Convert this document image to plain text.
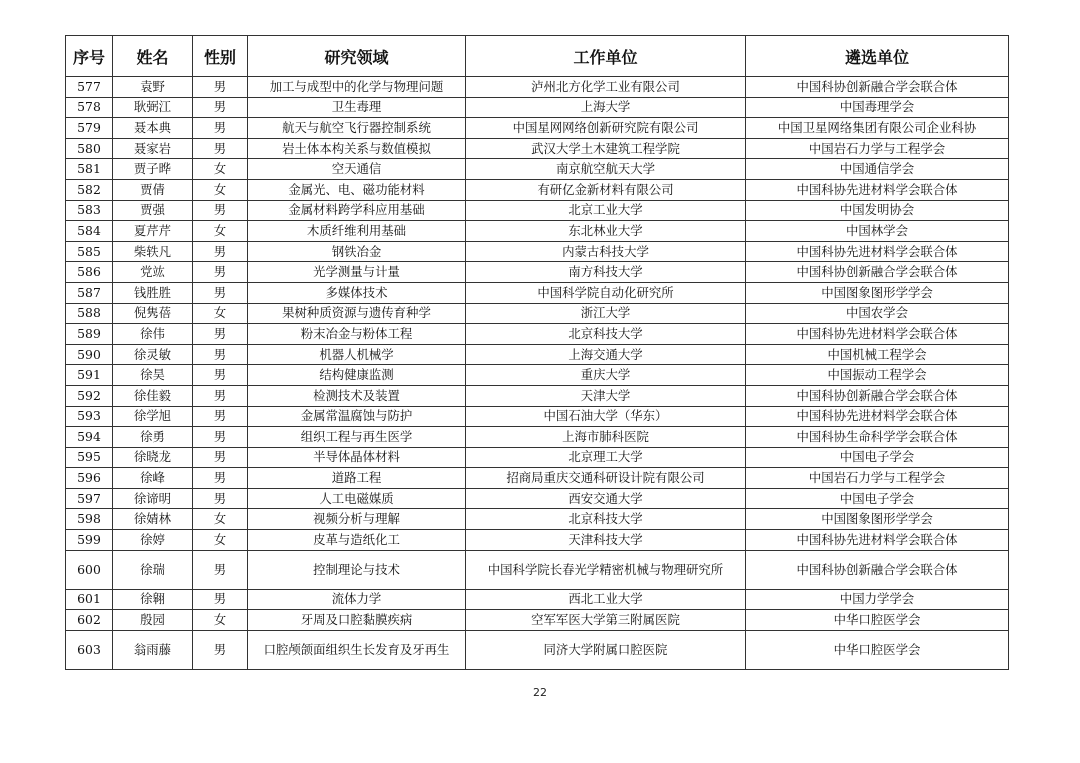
序号	姓名	性别	研究领域	工作单位	遴选单位
577	袁野	男	加工与成型中的化学与物理问题	泸州北方化学工业有限公司	中国科协创新融合学会联合体
578	耿弼江	男	卫生毒理	上海大学	中国毒理学会
579	聂本典	男	航天与航空飞行器控制系统	中国星网网络创新研究院有限公司	中国卫星网络集团有限公司企业科协
580	聂家岩	男	岩土体本构关系与数值模拟	武汉大学土木建筑工程学院	中国岩石力学与工程学会
581	贾子晔	女	空天通信	南京航空航天大学	中国通信学会
582	贾倩	女	金属光、电、磁功能材料	有研亿金新材料有限公司	中国科协先进材料学会联合体
583	贾强	男	金属材料跨学科应用基础	北京工业大学	中国发明协会
584	夏芹芹	女	木质纤维利用基础	东北林业大学	中国林学会
585	柴轶凡	男	钢铁冶金	内蒙古科技大学	中国科协先进材料学会联合体
586	党竑	男	光学测量与计量	南方科技大学	中国科协创新融合学会联合体
587	钱胜胜	男	多媒体技术	中国科学院自动化研究所	中国图象图形学学会
588	倪隽蓓	女	果树种质资源与遗传育种学	浙江大学	中国农学会
589	徐伟	男	粉末冶金与粉体工程	北京科技大学	中国科协先进材料学会联合体
590	徐灵敏	男	机器人机械学	上海交通大学	中国机械工程学会
591	徐昊	男	结构健康监测	重庆大学	中国振动工程学会
592	徐佳毅	男	检测技术及装置	天津大学	中国科协创新融合学会联合体
593	徐学旭	男	金属常温腐蚀与防护	中国石油大学（华东）	中国科协先进材料学会联合体
594	徐勇	男	组织工程与再生医学	上海市肺科医院	中国科协生命科学学会联合体
595	徐晓龙	男	半导体晶体材料	北京理工大学	中国电子学会
596	徐峰	男	道路工程	招商局重庆交通科研设计院有限公司	中国岩石力学与工程学会
597	徐谛明	男	人工电磁媒质	西安交通大学	中国电子学会
598	徐婧林	女	视频分析与理解	北京科技大学	中国图象图形学学会
599	徐婷	女	皮革与造纸化工	天津科技大学	中国科协先进材料学会联合体
600	徐瑞	男	控制理论与技术	中国科学院长春光学精密机械与物理研究所	中国科协创新融合学会联合体
601	徐翱	男	流体力学	西北工业大学	中国力学学会
602	殷园	女	牙周及口腔黏膜疾病	空军军医大学第三附属医院	中华口腔医学会
603	翁雨藤	男	口腔颅颌面组织生长发育及牙再生	同济大学附属口腔医院	中华口腔医学会
22
